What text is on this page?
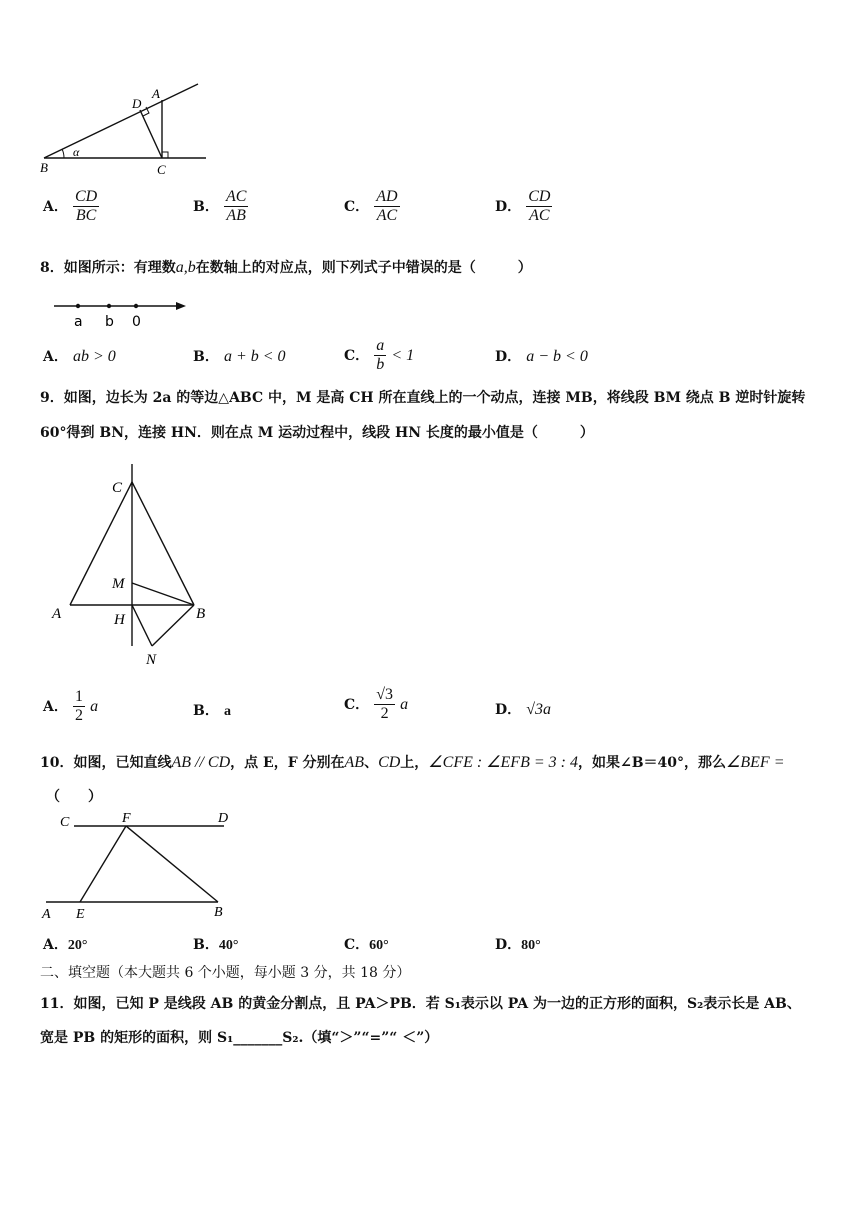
A
D
B	C
α
A． $\frac{CD}{BC}$	B． $\frac{AC}{AB}$	C． $\frac{AD}{AC}$	D． $\frac{CD}{AC}$
8．如图所示：有理数a,b在数轴上的对应点，则下列式子中错误的是（　　　）
a b 0
A． ab > 0	B． a + b < 0	C． $\frac{a}{b} < 1$	D． a − b < 0
9．如图，边长为 2a 的等边△ABC 中，M 是高 CH 所在直线上的一个动点，连接 MB，将线段 BM 绕点 B 逆时针旋转
60°得到 BN，连接 HN．则在点 M 运动过程中，线段 HN 长度的最小值是（　　　）
C
M
A	H	B
N
A． $\frac{1}{2}$ a	B． a	C． $\frac{√3}{2}$ a	D． √3a
10．如图，已知直线AB // CD，点 E，F 分别在AB、CD上，∠CFE : ∠EFB = 3 : 4，如果∠B＝40°，那么∠BEF =
（　　）
C	F	D
A E	B
A．20°	B．40°	C．60°	D．80°
二、填空题（本大题共 6 个小题，每小题 3 分，共 18 分）
11．如图，已知 P 是线段 AB 的黄金分割点，且 PA＞PB．若 S₁表示以 PA 为一边的正方形的面积，S₂表示长是 AB、
宽是 PB 的矩形的面积，则 S₁_______S₂.（填“＞”“=”“ ＜”）
